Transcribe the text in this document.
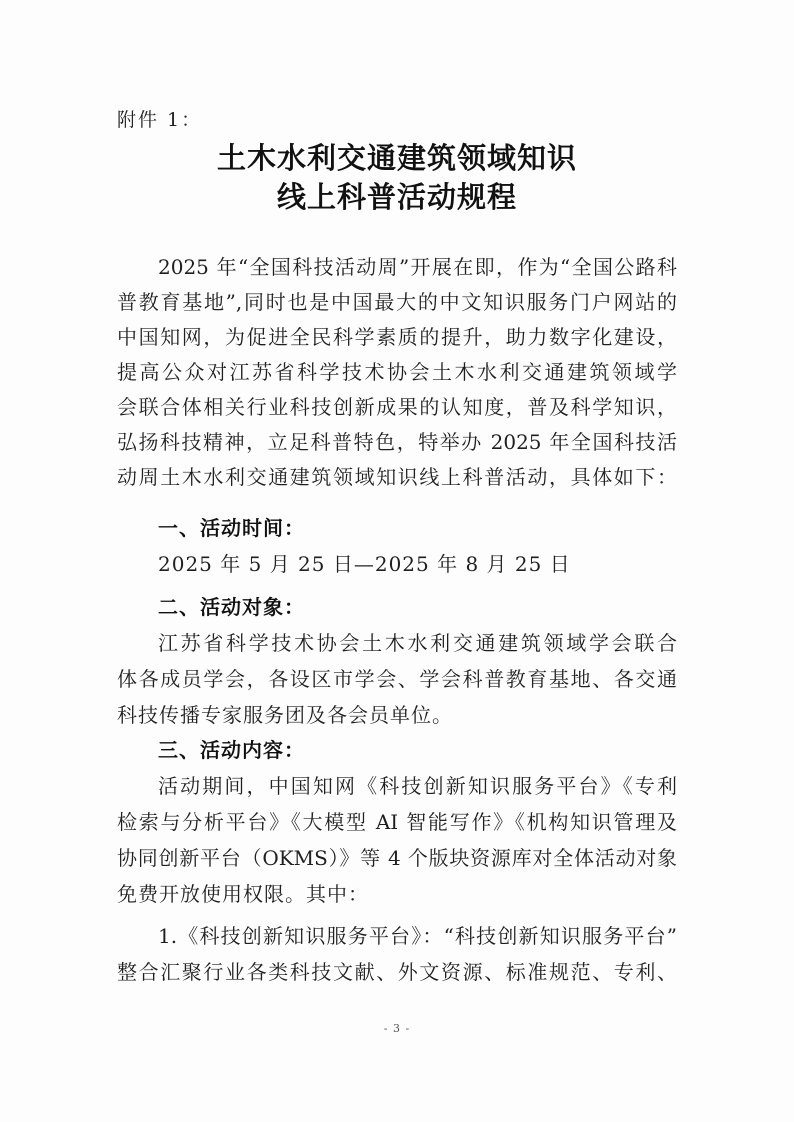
附件 1：
土木水利交通建筑领域知识
线上科普活动规程
2025 年“全国科技活动周”开展在即，作为“全国公路科
普教育基地”,同时也是中国最大的中文知识服务门户网站的
中国知网，为促进全民科学素质的提升，助力数字化建设，
提高公众对江苏省科学技术协会土木水利交通建筑领域学
会联合体相关行业科技创新成果的认知度，普及科学知识，
弘扬科技精神，立足科普特色，特举办 2025 年全国科技活
动周土木水利交通建筑领域知识线上科普活动，具体如下：
一、活动时间：
2025 年 5 月 25 日—2025 年 8 月 25 日
二、活动对象：
江苏省科学技术协会土木水利交通建筑领域学会联合
体各成员学会，各设区市学会、学会科普教育基地、各交通
科技传播专家服务团及各会员单位。
三、活动内容：
活动期间，中国知网《科技创新知识服务平台》《专利
检索与分析平台》《大模型 AI 智能写作》《机构知识管理及
协同创新平台（OKMS）》等 4 个版块资源库对全体活动对象
免费开放使用权限。其中：
1.《科技创新知识服务平台》：“科技创新知识服务平台”
整合汇聚行业各类科技文献、外文资源、标准规范、专利、
- 3 -
